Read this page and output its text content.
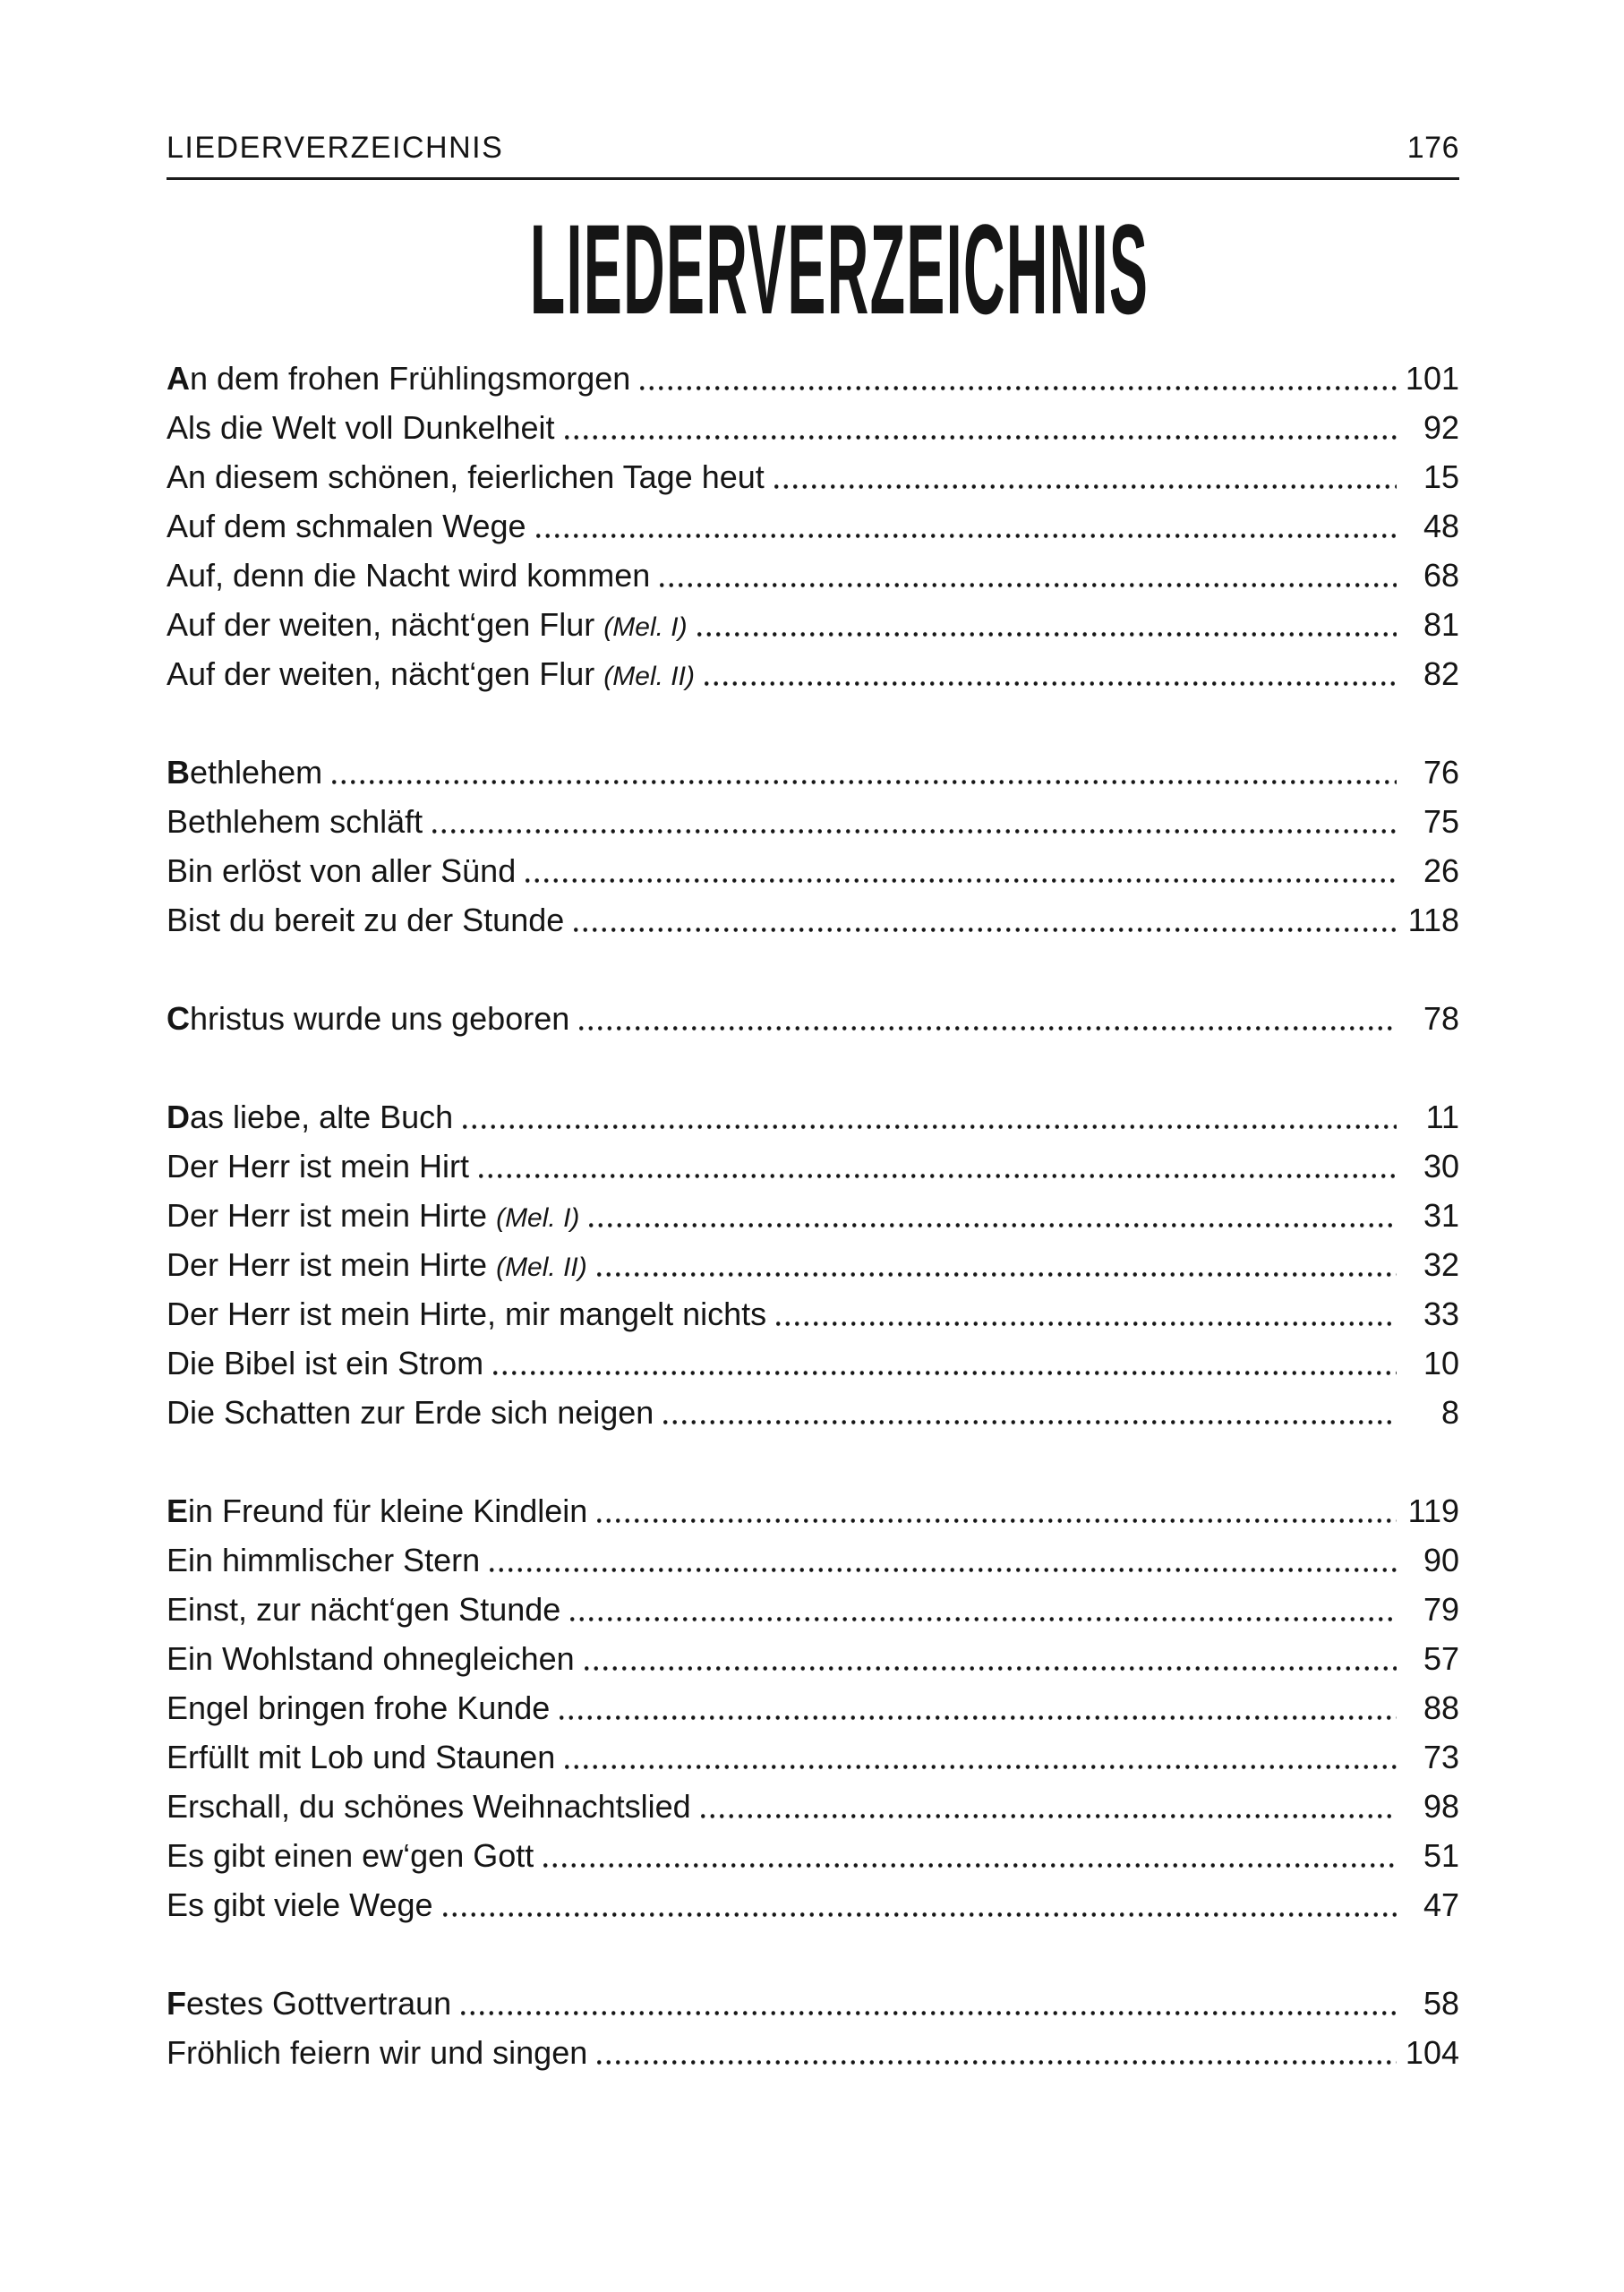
LIEDERVERZEICHNIS	176
LIEDERVERZEICHNIS
An dem frohen Frühlingsmorgen	101
Als die Welt voll Dunkelheit	92
An diesem schönen, feierlichen Tage heut	15
Auf dem schmalen Wege	48
Auf, denn die Nacht wird kommen	68
Auf der weiten, nächt‘gen Flur (Mel. I)	81
Auf der weiten, nächt‘gen Flur (Mel. II)	82
Bethlehem	76
Bethlehem schläft	75
Bin erlöst von aller Sünd	26
Bist du bereit zu der Stunde	118
Christus wurde uns geboren	78
Das liebe, alte Buch	11
Der Herr ist mein Hirt	30
Der Herr ist mein Hirte (Mel. I)	31
Der Herr ist mein Hirte (Mel. II)	32
Der Herr ist mein Hirte, mir mangelt nichts	33
Die Bibel ist ein Strom	10
Die Schatten zur Erde sich neigen	8
Ein Freund für kleine Kindlein	119
Ein himmlischer Stern	90
Einst, zur nächt‘gen Stunde	79
Ein Wohlstand ohnegleichen	57
Engel bringen frohe Kunde	88
Erfüllt mit Lob und Staunen	73
Erschall, du schönes Weihnachtslied	98
Es gibt einen ew‘gen Gott	51
Es gibt viele Wege	47
Festes Gottvertraun	58
Fröhlich feiern wir und singen	104
